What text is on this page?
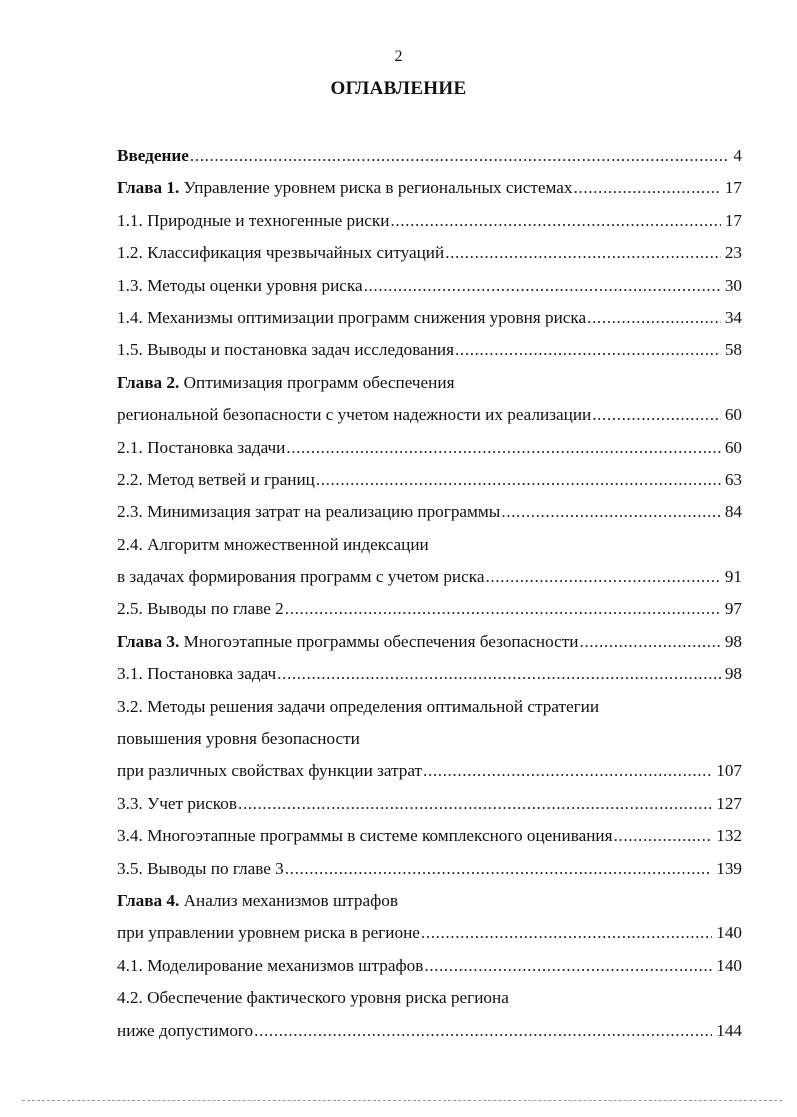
2
ОГЛАВЛЕНИЕ
Введение .....	4
Глава 1. Управление уровнем риска в региональных системах .....	17
1.1. Природные и техногенные риски .....	17
1.2. Классификация чрезвычайных ситуаций .....	23
1.3. Методы оценки уровня риска .....	30
1.4. Механизмы оптимизации программ снижения уровня риска .....	34
1.5. Выводы и постановка задач исследования .....	58
Глава 2. Оптимизация программ обеспечения
региональной безопасности с учетом надежности их реализации .....	60
2.1. Постановка задачи .....	60
2.2. Метод ветвей и границ .....	63
2.3. Минимизация затрат на реализацию программы .....	84
2.4. Алгоритм множественной индексации
в задачах формирования программ с учетом риска .....	91
2.5. Выводы по главе 2 .....	97
Глава 3. Многоэтапные программы обеспечения безопасности .....	98
3.1. Постановка задач .....	98
3.2. Методы решения задачи определения оптимальной стратегии
повышения уровня безопасности
при различных свойствах функции затрат .....	107
3.3. Учет рисков .....	127
3.4. Многоэтапные программы в системе комплексного оценивания .....	132
3.5. Выводы по главе 3 .....	139
Глава 4. Анализ механизмов штрафов
при управлении уровнем риска в регионе .....	140
4.1. Моделирование механизмов штрафов .....	140
4.2. Обеспечение фактического уровня риска региона
ниже допустимого .....	144
